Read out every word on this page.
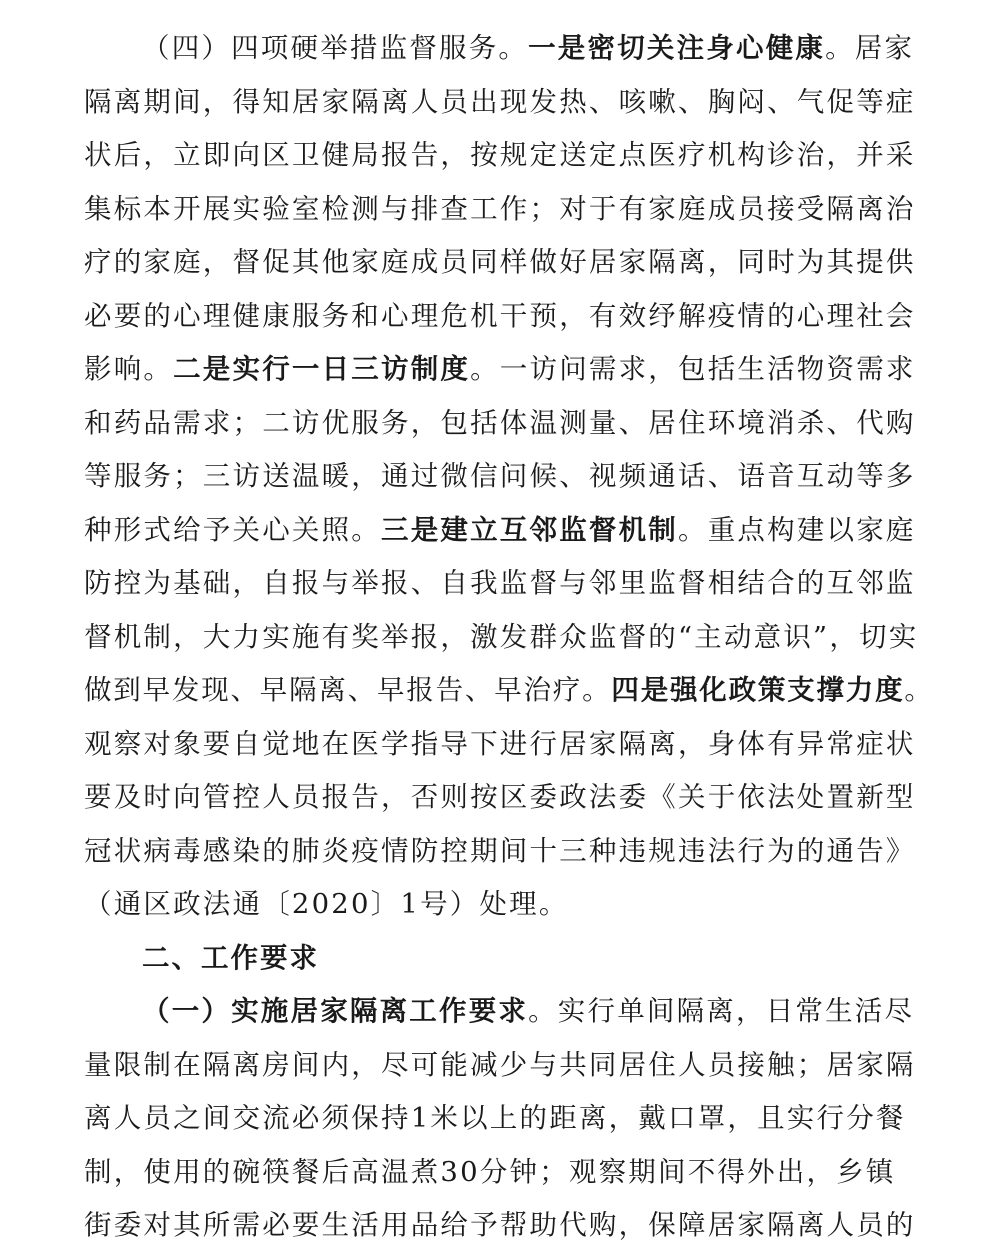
（四）四项硬举措监督服务。一是密切关注身心健康。居家
隔离期间，得知居家隔离人员出现发热、咳嗽、胸闷、气促等症
状后，立即向区卫健局报告，按规定送定点医疗机构诊治，并采
集标本开展实验室检测与排查工作；对于有家庭成员接受隔离治
疗的家庭，督促其他家庭成员同样做好居家隔离，同时为其提供
必要的心理健康服务和心理危机干预，有效纾解疫情的心理社会
影响。二是实行一日三访制度。一访问需求，包括生活物资需求
和药品需求；二访优服务，包括体温测量、居住环境消杀、代购
等服务；三访送温暖，通过微信问候、视频通话、语音互动等多
种形式给予关心关照。三是建立互邻监督机制。重点构建以家庭
防控为基础，自报与举报、自我监督与邻里监督相结合的互邻监
督机制，大力实施有奖举报，激发群众监督的“主动意识”，切实
做到早发现、早隔离、早报告、早治疗。四是强化政策支撑力度。
观察对象要自觉地在医学指导下进行居家隔离，身体有异常症状
要及时向管控人员报告，否则按区委政法委《关于依法处置新型
冠状病毒感染的肺炎疫情防控期间十三种违规违法行为的通告》
（通区政法通〔2020〕1号）处理。
二、工作要求
（一）实施居家隔离工作要求。实行单间隔离，日常生活尽
量限制在隔离房间内，尽可能减少与共同居住人员接触；居家隔
离人员之间交流必须保持1米以上的距离，戴口罩，且实行分餐
制，使用的碗筷餐后高温煮30分钟；观察期间不得外出，乡镇
街委对其所需必要生活用品给予帮助代购，保障居家隔离人员的
